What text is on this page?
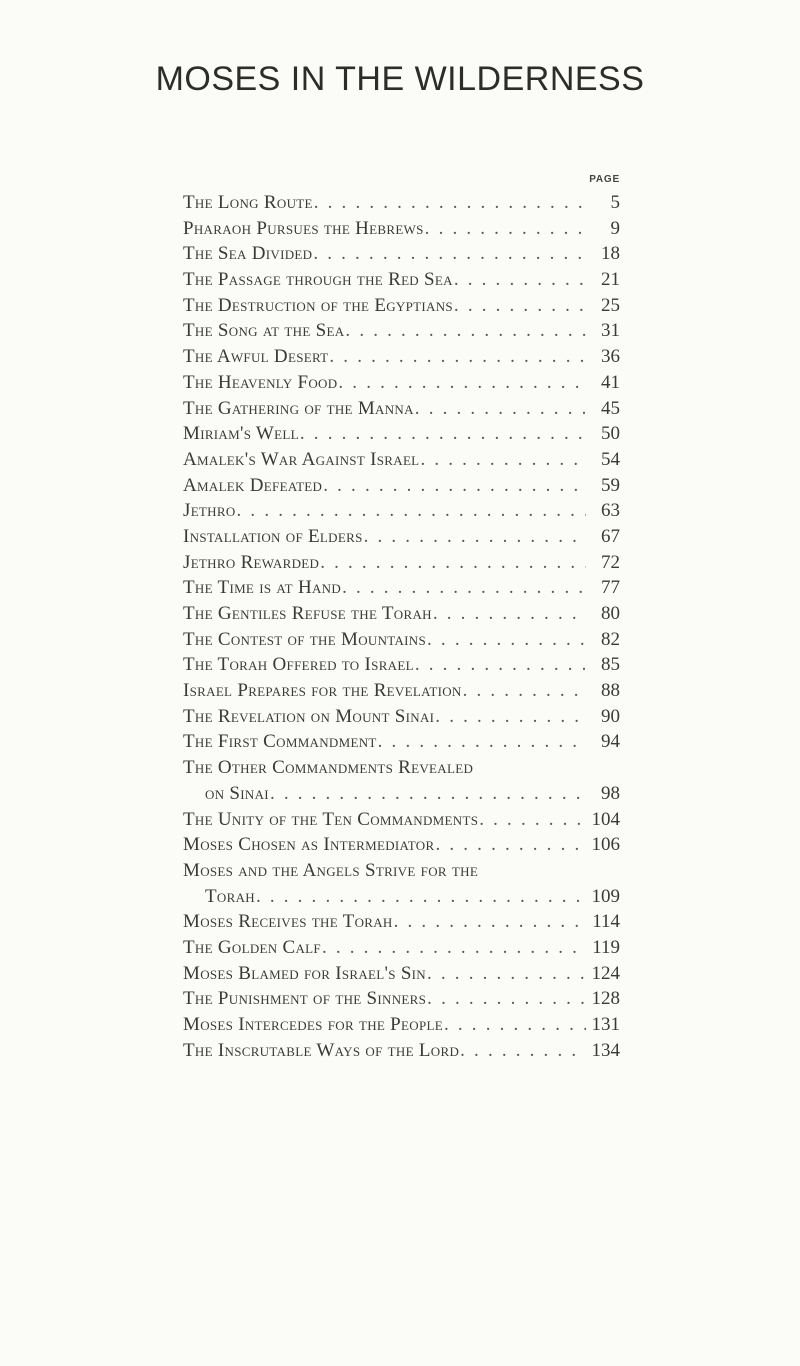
MOSES IN THE WILDERNESS
PAGE
The Long Route . . .	5
Pharaoh Pursues the Hebrews . . .	9
The Sea Divided . . .	18
The Passage through the Red Sea . . .	21
The Destruction of the Egyptians . . .	25
The Song at the Sea . . .	31
The Awful Desert . . .	36
The Heavenly Food . . .	41
The Gathering of the Manna . . .	45
Miriam's Well . . .	50
Amalek's War Against Israel . . .	54
Amalek Defeated . . .	59
Jethro . . .	63
Installation of Elders . . .	67
Jethro Rewarded . . .	72
The Time is at Hand . . .	77
The Gentiles Refuse the Torah . . .	80
The Contest of the Mountains . . .	82
The Torah Offered to Israel . . .	85
Israel Prepares for the Revelation . . .	88
The Revelation on Mount Sinai . . .	90
The First Commandment . . .	94
The Other Commandments Revealed
on Sinai . . .	98
The Unity of the Ten Commandments . . .	104
Moses Chosen as Intermediator . . .	106
Moses and the Angels Strive for the
Torah . . .	109
Moses Receives the Torah . . .	114
The Golden Calf . . .	119
Moses Blamed for Israel's Sin . . .	124
The Punishment of the Sinners . . .	128
Moses Intercedes for the People . . .	131
The Inscrutable Ways of the Lord . . .	134
